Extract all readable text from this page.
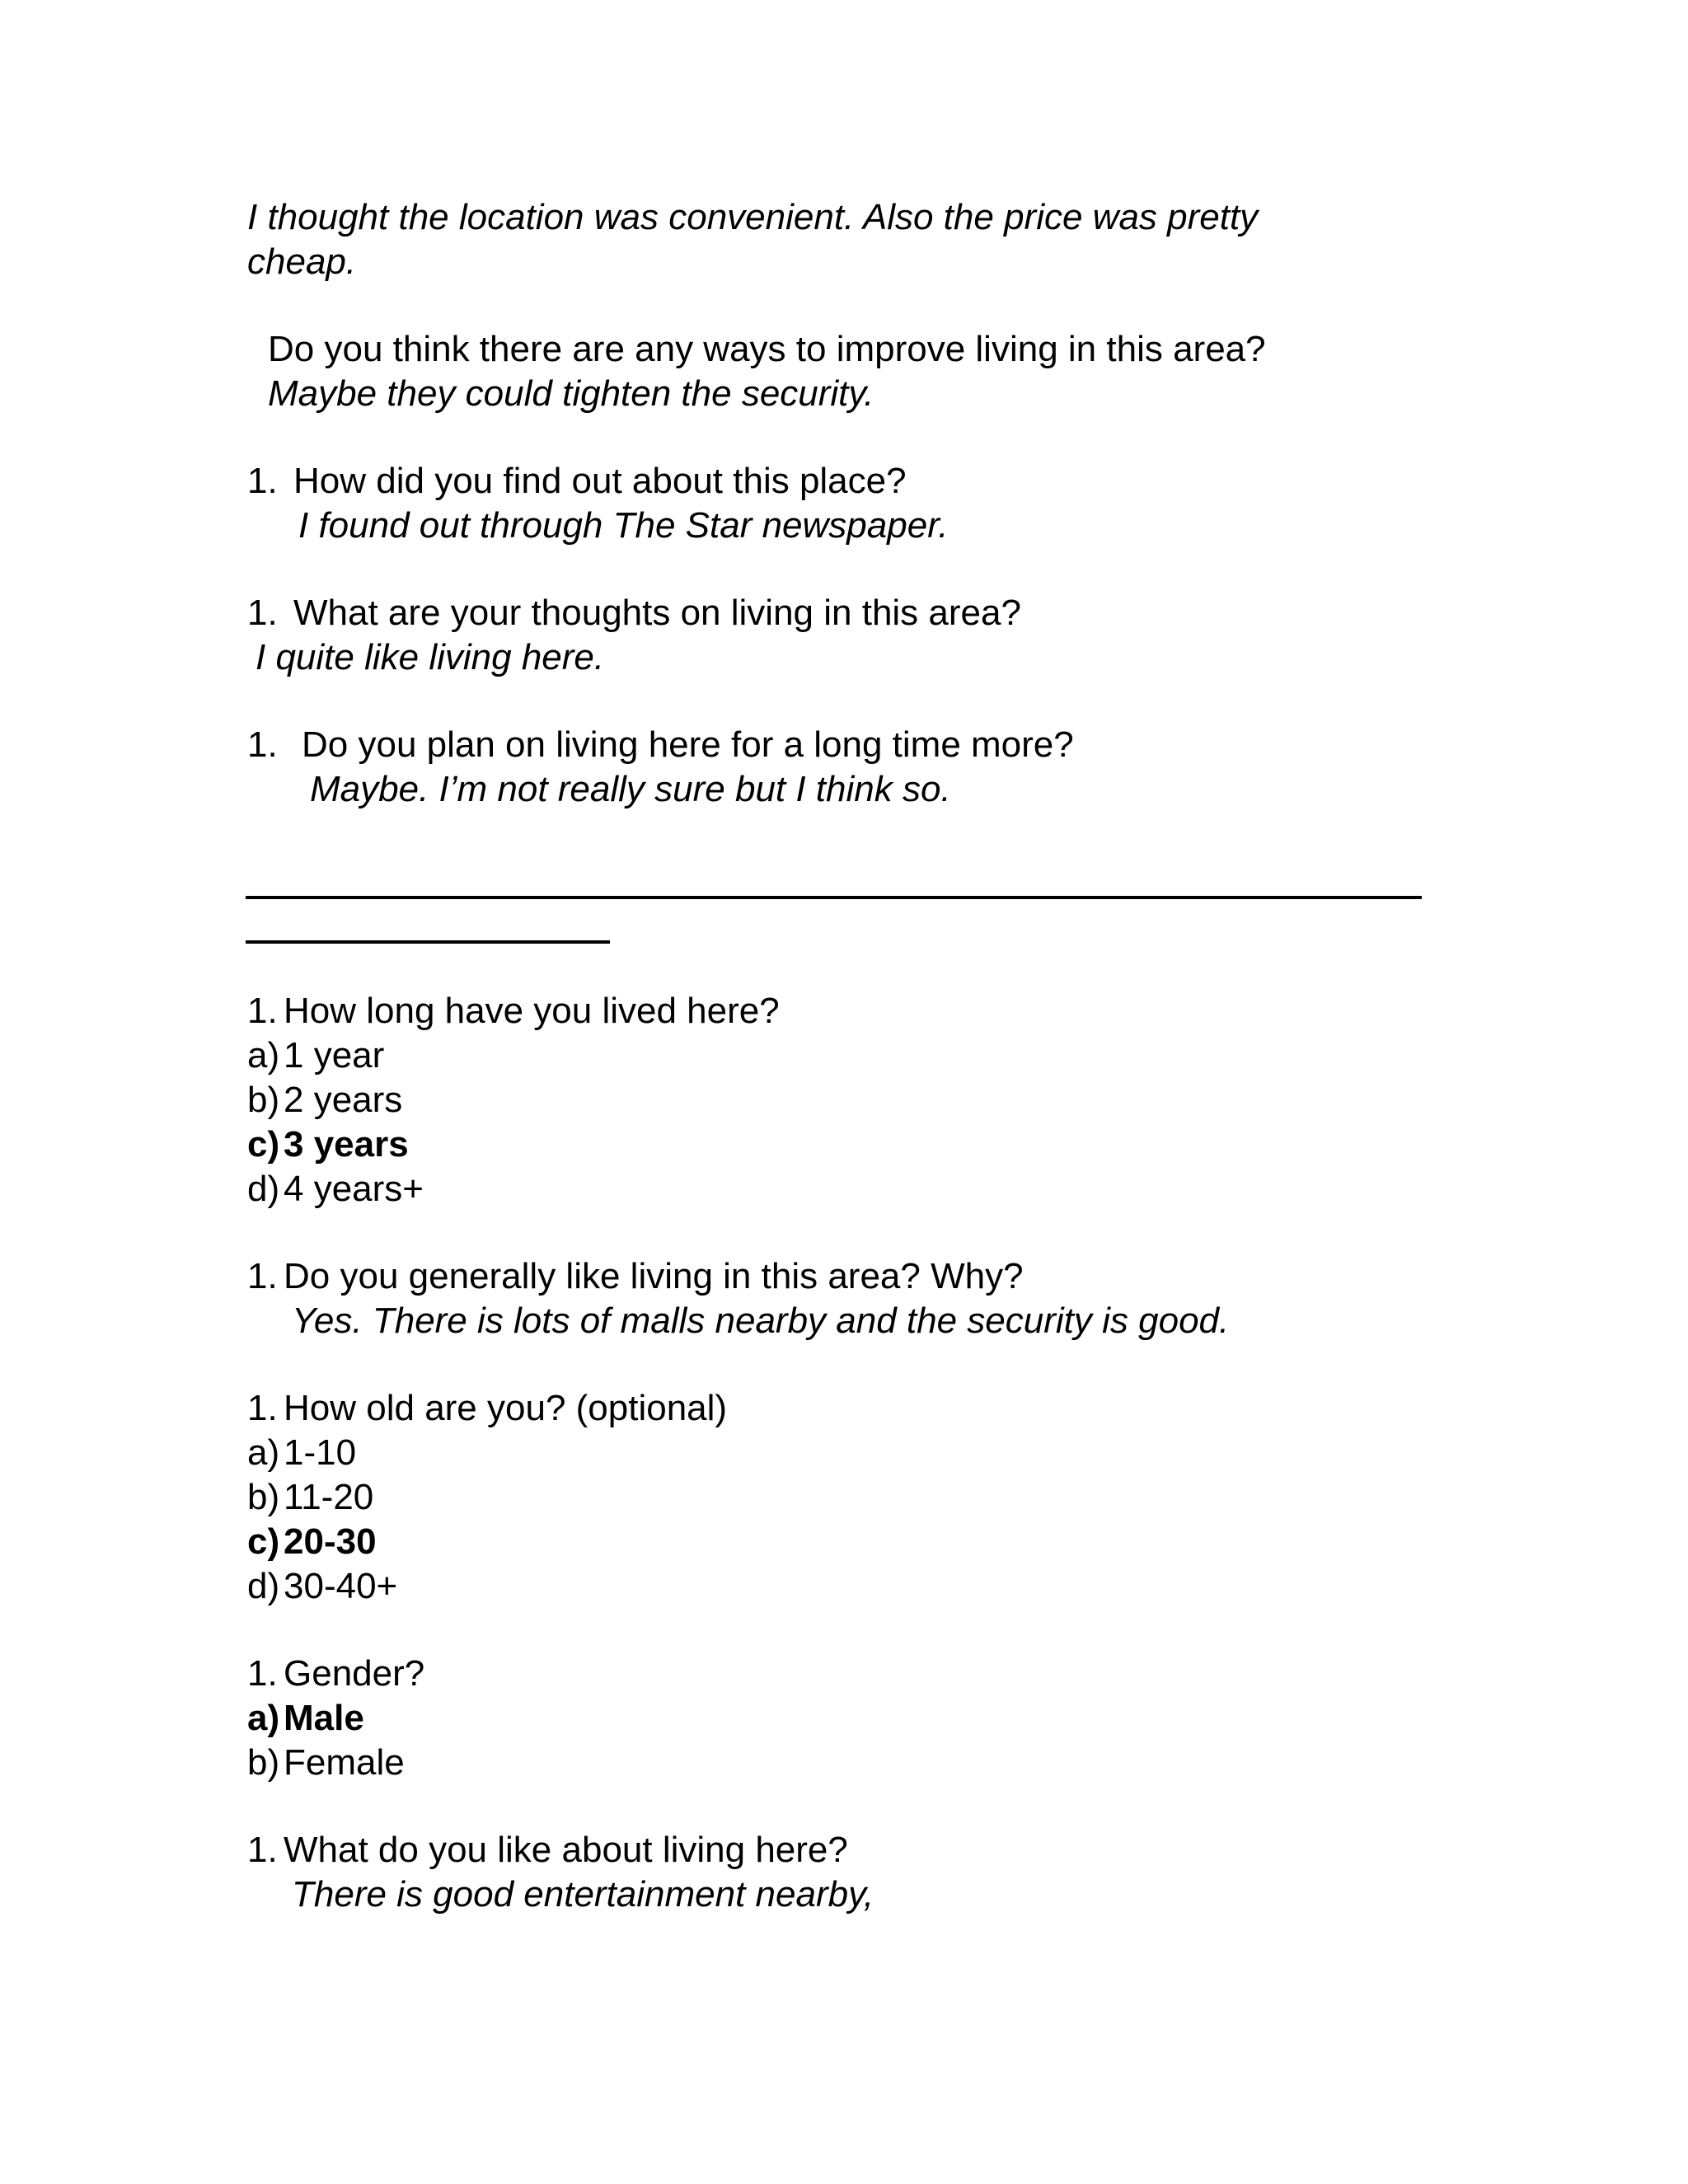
I thought the location was convenient. Also the price was pretty
cheap.
Do you think there are any ways to improve living in this area?
Maybe they could tighten the security.
1. How did you find out about this place?
I found out through The Star newspaper.
1. What are your thoughts on living in this area?
I quite like living here.
1. Do you plan on living here for a long time more?
Maybe. I’m not really sure but I think so.
1. How long have you lived here?
a) 1 year
b) 2 years
c) 3 years
d) 4 years+
1. Do you generally like living in this area? Why?
Yes. There is lots of malls nearby and the security is good.
1. How old are you? (optional)
a) 1-10
b) 11-20
c) 20-30
d) 30-40+
1. Gender?
a) Male
b) Female
1. What do you like about living here?
There is good entertainment nearby,
